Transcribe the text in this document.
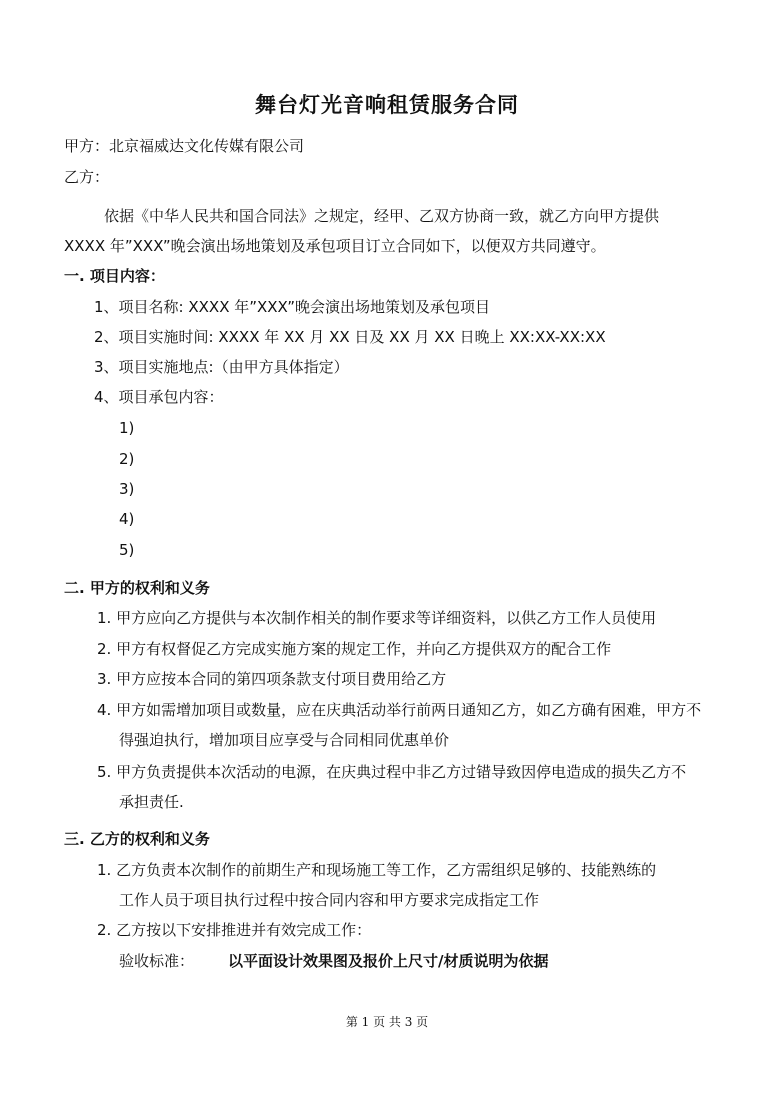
舞台灯光音响租赁服务合同
甲方：北京福威达文化传媒有限公司
乙方：
依据《中华人民共和国合同法》之规定，经甲、乙双方协商一致，就乙方向甲方提供
XXXX 年”XXX”晚会演出场地策划及承包项目订立合同如下，以便双方共同遵守。
一. 项目内容：
1、项目名称: XXXX 年”XXX”晚会演出场地策划及承包项目
2、项目实施时间: XXXX 年 XX 月 XX 日及 XX 月 XX 日晚上 XX:XX-XX:XX
3、项目实施地点:（由甲方具体指定）
4、项目承包内容：
1)
2)
3)
4)
5)
二. 甲方的权利和义务
1. 甲方应向乙方提供与本次制作相关的制作要求等详细资料，以供乙方工作人员使用
2. 甲方有权督促乙方完成实施方案的规定工作，并向乙方提供双方的配合工作
3. 甲方应按本合同的第四项条款支付项目费用给乙方
4. 甲方如需增加项目或数量，应在庆典活动举行前两日通知乙方，如乙方确有困难，甲方不
得强迫执行，增加项目应享受与合同相同优惠单价
5. 甲方负责提供本次活动的电源，在庆典过程中非乙方过错导致因停电造成的损失乙方不
承担责任.
三. 乙方的权利和义务
1. 乙方负责本次制作的前期生产和现场施工等工作，乙方需组织足够的、技能熟练的
工作人员于项目执行过程中按合同内容和甲方要求完成指定工作
2. 乙方按以下安排推进并有效完成工作：
验收标准： 以平面设计效果图及报价上尺寸/材质说明为依据
第 1 页 共 3 页
